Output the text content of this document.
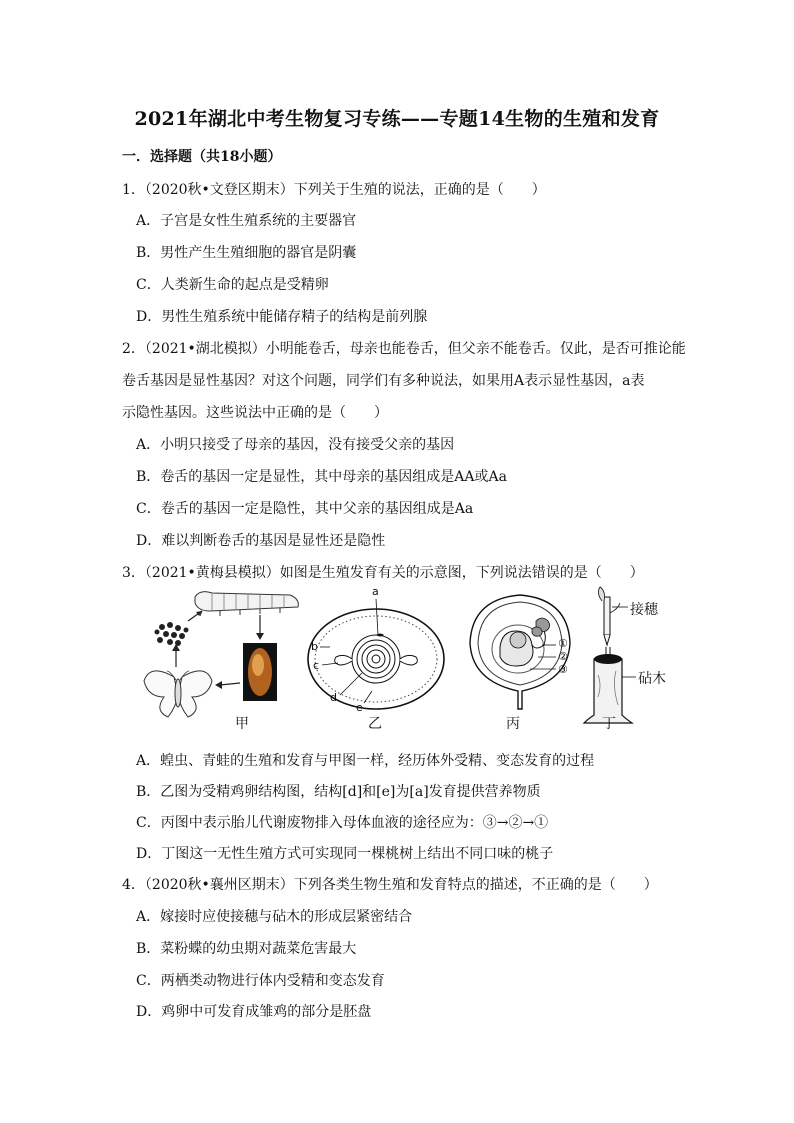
2021年湖北中考生物复习专练——专题14生物的生殖和发育
一．选择题（共18小题）
1．（2020秋•文登区期末）下列关于生殖的说法，正确的是（　　）
A．子宫是女性生殖系统的主要器官
B．男性产生生殖细胞的器官是阴囊
C．人类新生命的起点是受精卵
D．男性生殖系统中能储存精子的结构是前列腺
2．（2021•湖北模拟）小明能卷舌，母亲也能卷舌，但父亲不能卷舌。仅此，是否可推论能
卷舌基因是显性基因？对这个问题，同学们有多种说法，如果用A表示显性基因，a表
示隐性基因。这些说法中正确的是（　　）
A．小明只接受了母亲的基因，没有接受父亲的基因
B．卷舌的基因一定是显性，其中母亲的基因组成是AA或Aa
C．卷舌的基因一定是隐性，其中父亲的基因组成是Aa
D．难以判断卷舌的基因是显性还是隐性
3．（2021•黄梅县模拟）如图是生殖发育有关的示意图，下列说法错误的是（　　）
a
b
c
d
e
①
②
③
接穗
砧木
甲	乙	丙	丁
A．蝗虫、青蛙的生殖和发育与甲图一样，经历体外受精、变态发育的过程
B．乙图为受精鸡卵结构图，结构[d]和[e]为[a]发育提供营养物质
C．丙图中表示胎儿代谢废物排入母体血液的途径应为：③→②→①
D．丁图这一无性生殖方式可实现同一棵桃树上结出不同口味的桃子
4．（2020秋•襄州区期末）下列各类生物生殖和发育特点的描述，不正确的是（　　）
A．嫁接时应使接穗与砧木的形成层紧密结合
B．菜粉蝶的幼虫期对蔬菜危害最大
C．两栖类动物进行体内受精和变态发育
D．鸡卵中可发育成雏鸡的部分是胚盘
